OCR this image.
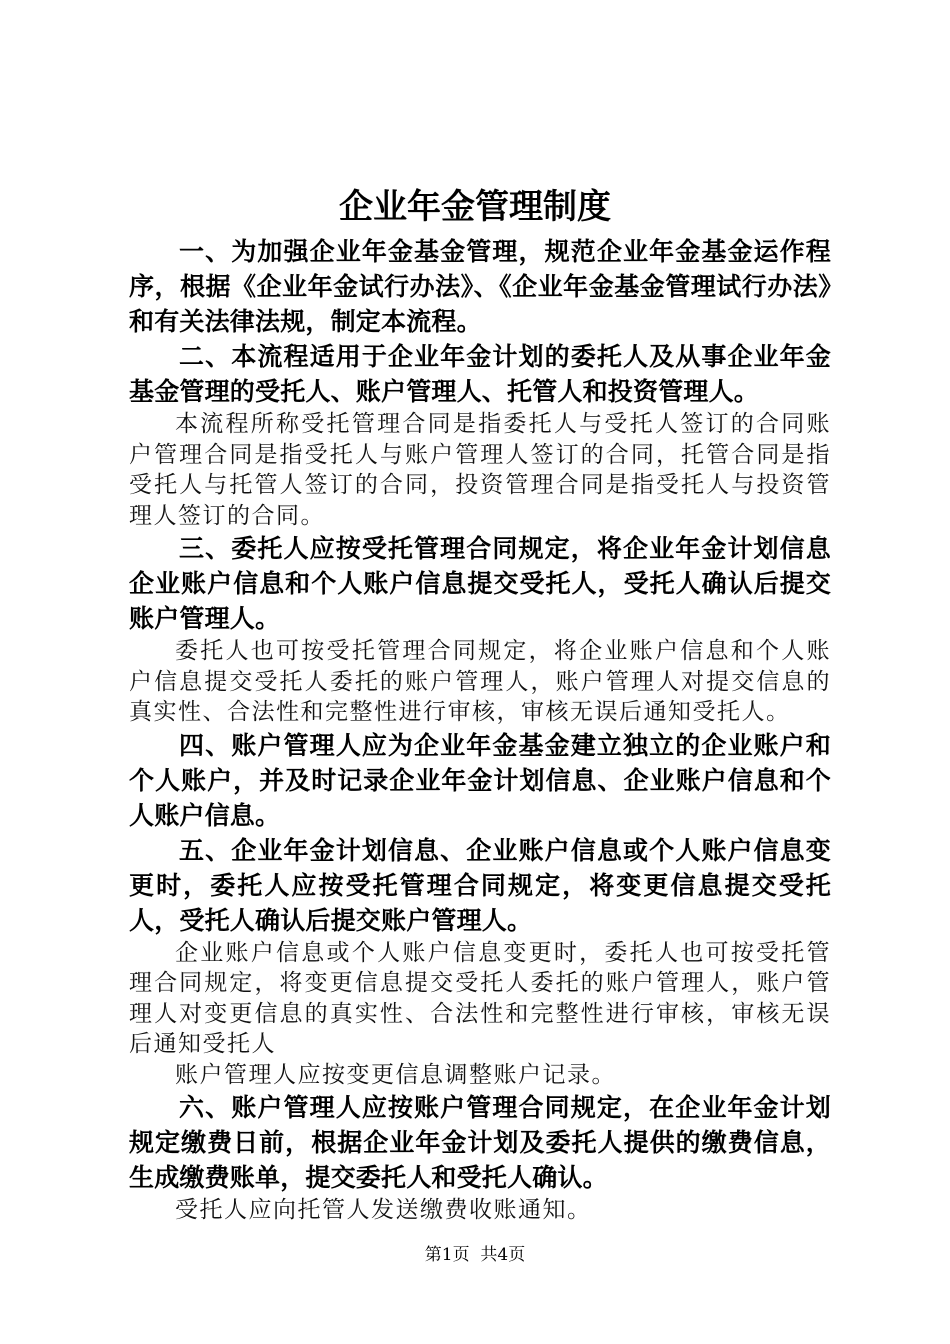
企业年金管理制度

一、为加强企业年金基金管理，规范企业年金基金运作程序，根据《企业年金试行办法》、《企业年金基金管理试行办法》和有关法律法规，制定本流程。

二、本流程适用于企业年金计划的委托人及从事企业年金基金管理的受托人、账户管理人、托管人和投资管理人。

本流程所称受托管理合同是指委托人与受托人签订的合同账户管理合同是指受托人与账户管理人签订的合同，托管合同是指受托人与托管人签订的合同，投资管理合同是指受托人与投资管理人签订的合同。

三、委托人应按受托管理合同规定，将企业年金计划信息企业账户信息和个人账户信息提交受托人，受托人确认后提交账户管理人。

委托人也可按受托管理合同规定，将企业账户信息和个人账户信息提交受托人委托的账户管理人，账户管理人对提交信息的真实性、合法性和完整性进行审核，审核无误后通知受托人。

四、账户管理人应为企业年金基金建立独立的企业账户和个人账户，并及时记录企业年金计划信息、企业账户信息和个人账户信息。

五、企业年金计划信息、企业账户信息或个人账户信息变更时，委托人应按受托管理合同规定，将变更信息提交受托人，受托人确认后提交账户管理人。

企业账户信息或个人账户信息变更时，委托人也可按受托管理合同规定，将变更信息提交受托人委托的账户管理人，账户管理人对变更信息的真实性、合法性和完整性进行审核，审核无误后通知受托人

账户管理人应按变更信息调整账户记录。

六、账户管理人应按账户管理合同规定，在企业年金计划规定缴费日前，根据企业年金计划及委托人提供的缴费信息，生成缴费账单，提交委托人和受托人确认。

受托人应向托管人发送缴费收账通知。

第1页 共4页
